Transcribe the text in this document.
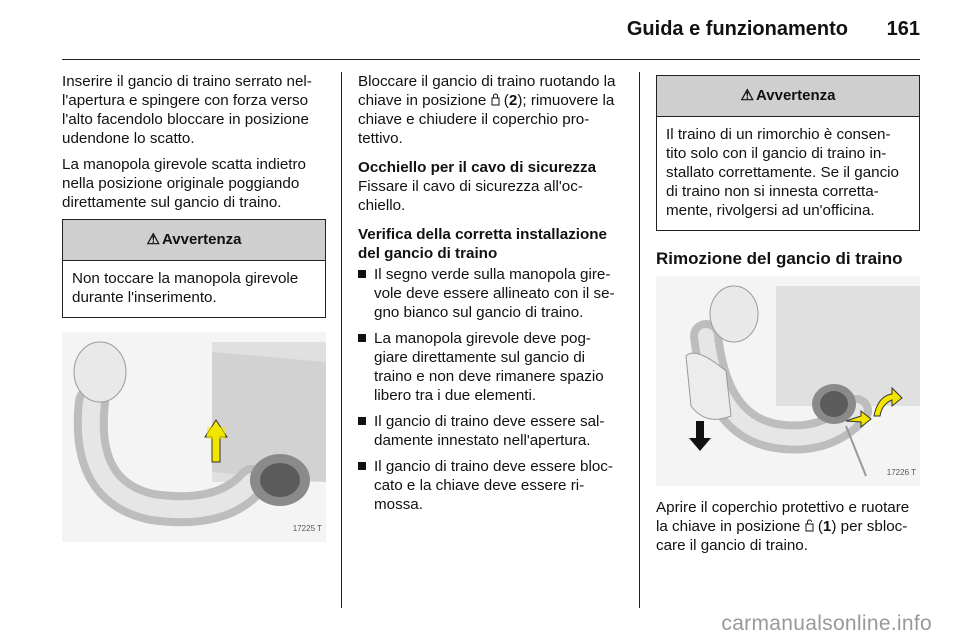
Guida e funzionamento 161

Inserire il gancio di traino serrato nel- l'apertura e spingere con forza verso l'alto facendolo bloccare in posizione udendone lo scatto.

La manopola girevole scatta indietro nella posizione originale poggiando direttamente sul gancio di traino.

⚠ Avvertenza
Non toccare la manopola girevole durante l'inserimento.
17225 T

Bloccare il gancio di traino ruotando la chiave in posizione  (2); rimuovere la chiave e chiudere il coperchio pro- tettivo.

Occhiello per il cavo di sicurezza

Fissare il cavo di sicurezza all'oc- chiello.

Verifica della corretta installazione del gancio di traino
Il segno verde sulla manopola gire- vole deve essere allineato con il se- gno bianco sul gancio di traino.
La manopola girevole deve pog- giare direttamente sul gancio di traino e non deve rimanere spazio libero tra i due elementi.
Il gancio di traino deve essere sal- damente innestato nell'apertura.
Il gancio di traino deve essere bloc- cato e la chiave deve essere ri- mossa.
⚠ Avvertenza
Il traino di un rimorchio è consen- tito solo con il gancio di traino in- stallato correttamente. Se il gancio di traino non si innesta corretta- mente, rivolgersi ad un'officina.
Rimozione del gancio di traino
17226 T

Aprire il coperchio protettivo e ruotare la chiave in posizione  (1) per sbloc- care il gancio di traino.

carmanualsonline.info
